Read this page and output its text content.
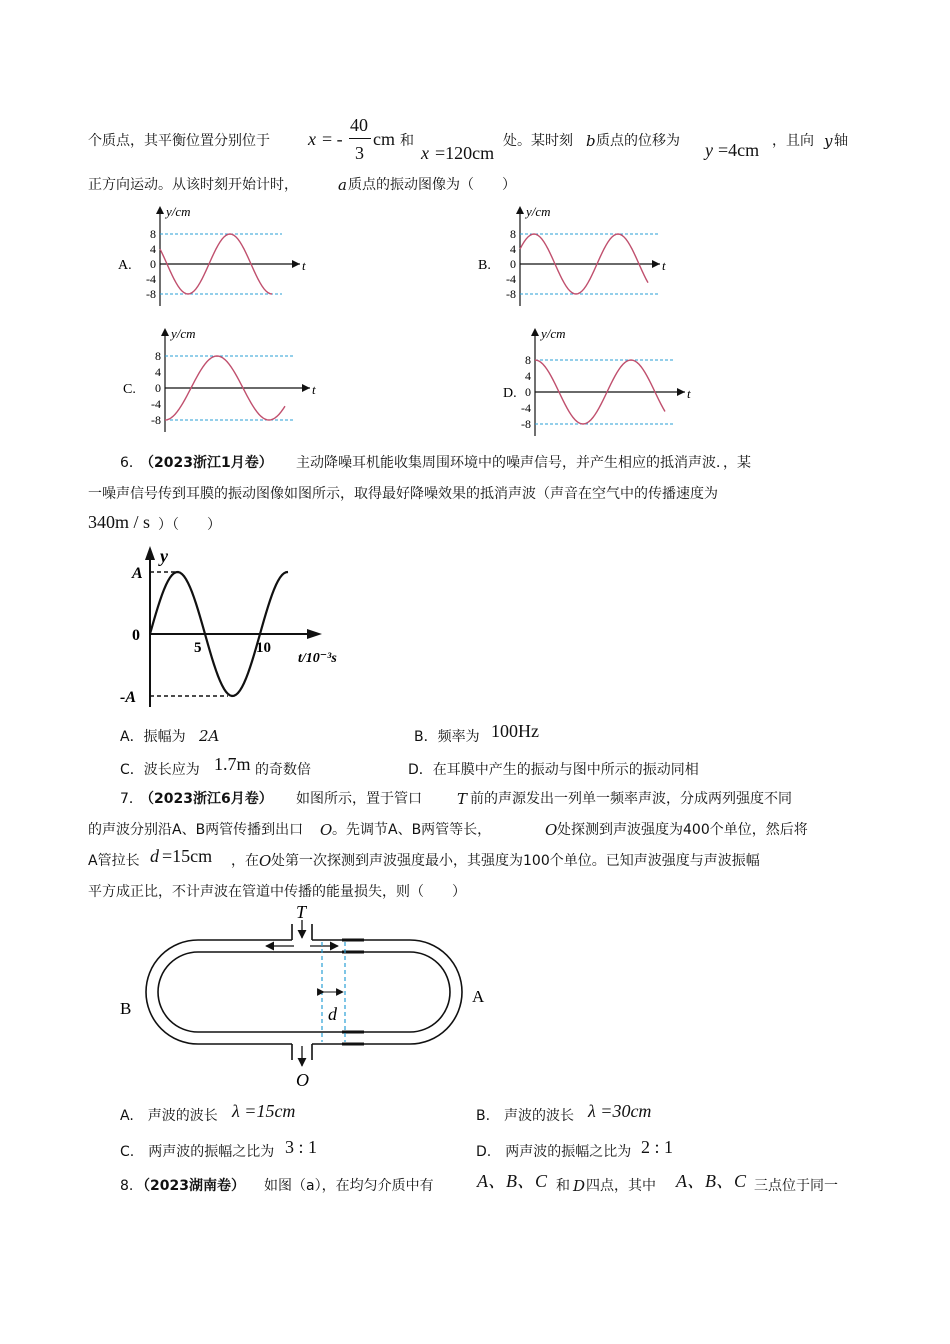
个质点，其平衡位置分别位于 x = -
40
3
cm 和
x =120cm
处。某时刻 b 质点的位移为 y =4cm ，且向 y 轴
正方向运动。从该时刻开始计时，	a 质点的振动图像为（　　）
A.	t
y/cm
8
4
0
-4
-8
B.	t
y/cm
8
4
0
-4
-8
C.	t
y/cm
8
4
0
-4
-8
D.	t
y/cm
8
4
0
-4
-8
6．
（2023浙江1月卷） 主动降噪耳机能收集周围环境中的噪声信号，并产生相应的抵消声波．，某
一噪声信号传到耳膜的振动图像如图所示，取得最好降噪效果的抵消声波（声音在空气中的传播速度为
340m / s ）（　　）
y
A
-A
0
5	10
t/10⁻³s
A．振幅为 2A	B．频率为 100Hz
C．波长应为 1.7m 的奇数倍	D．在耳膜中产生的振动与图中所示的振动同相
7．
（2023浙江6月卷） 如图所示，置于管口 T 前的声源发出一列单一频率声波，分成两列强度不同
的声波分别沿A、B两管传播到出口 O 。先调节A、B两管等长，	O 处探测到声波强度为400个单位，然后将
A管拉长 d =15cm ，在 O 处第一次探测到声波强度最小，其强度为100个单位。已知声波强度与声波振幅
平方成正比，不计声波在管道中传播的能量损失，则（　　）
T
O
A
B	d
A.　声波的波长 λ =15cm	B.　声波的波长 λ =30cm
C.　两声波的振幅之比为 3 : 1	D.　两声波的振幅之比为 2 : 1
8. （2023湖南卷） 如图（a），在均匀介质中有 A、B、C 和 D 四点，其中 A、B、C 三点位于同一
